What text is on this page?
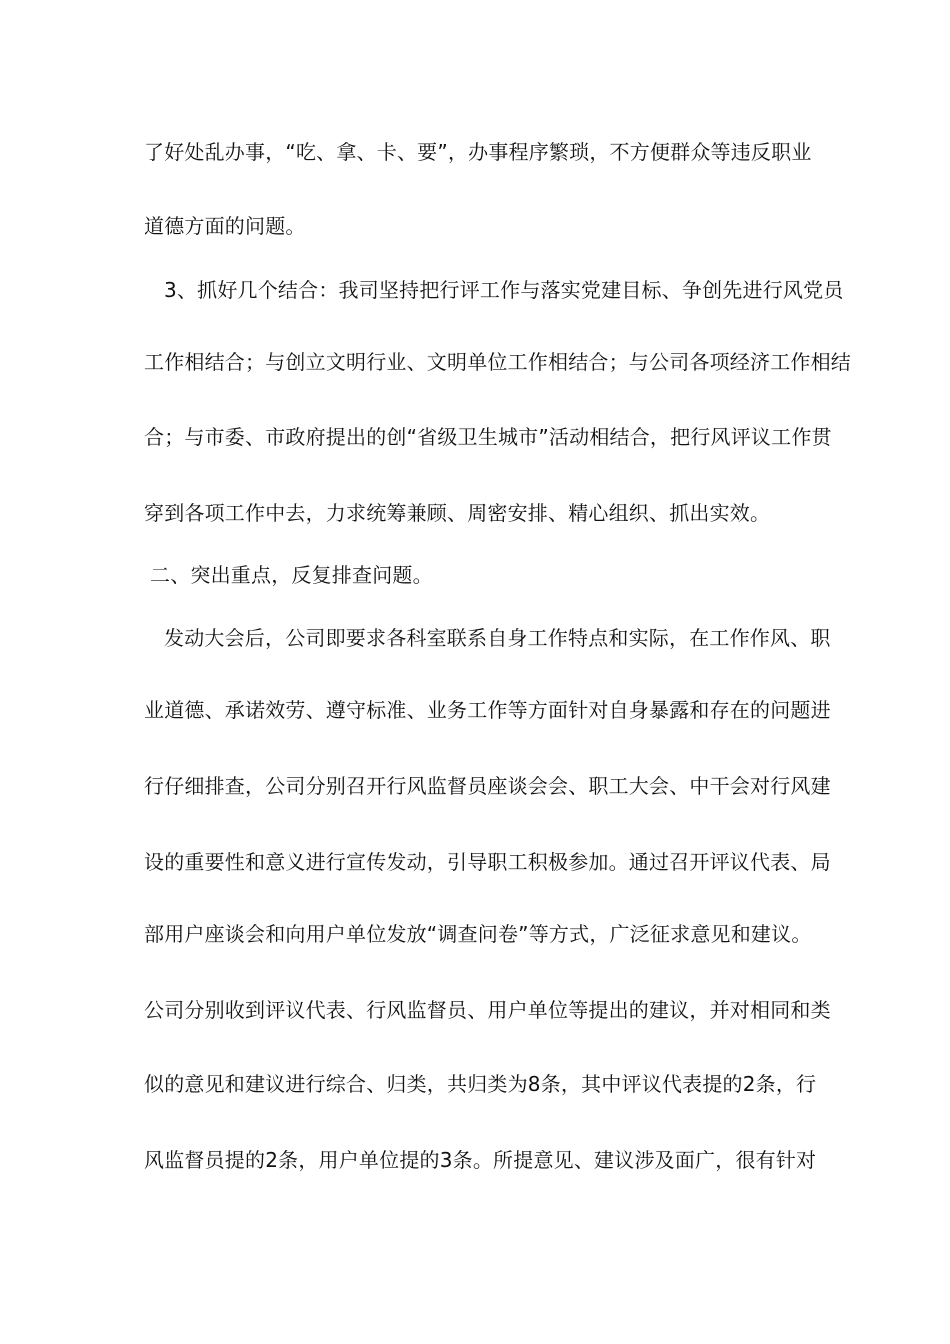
了好处乱办事，“吃、拿、卡、要”，办事程序繁琐，不方便群众等违反职业
道德方面的问题。
3、抓好几个结合：我司坚持把行评工作与落实党建目标、争创先进行风党员
工作相结合；与创立文明行业、文明单位工作相结合；与公司各项经济工作相结
合；与市委、市政府提出的创“省级卫生城市”活动相结合，把行风评议工作贯
穿到各项工作中去，力求统筹兼顾、周密安排、精心组织、抓出实效。
二、突出重点，反复排查问题。
发动大会后，公司即要求各科室联系自身工作特点和实际，在工作作风、职
业道德、承诺效劳、遵守标准、业务工作等方面针对自身暴露和存在的问题进
行仔细排查，公司分别召开行风监督员座谈会会、职工大会、中干会对行风建
设的重要性和意义进行宣传发动，引导职工积极参加。通过召开评议代表、局
部用户座谈会和向用户单位发放“调查问卷”等方式，广泛征求意见和建议。
公司分别收到评议代表、行风监督员、用户单位等提出的建议，并对相同和类
似的意见和建议进行综合、归类，共归类为8条，其中评议代表提的2条，行
风监督员提的2条，用户单位提的3条。所提意见、建议涉及面广，很有针对
